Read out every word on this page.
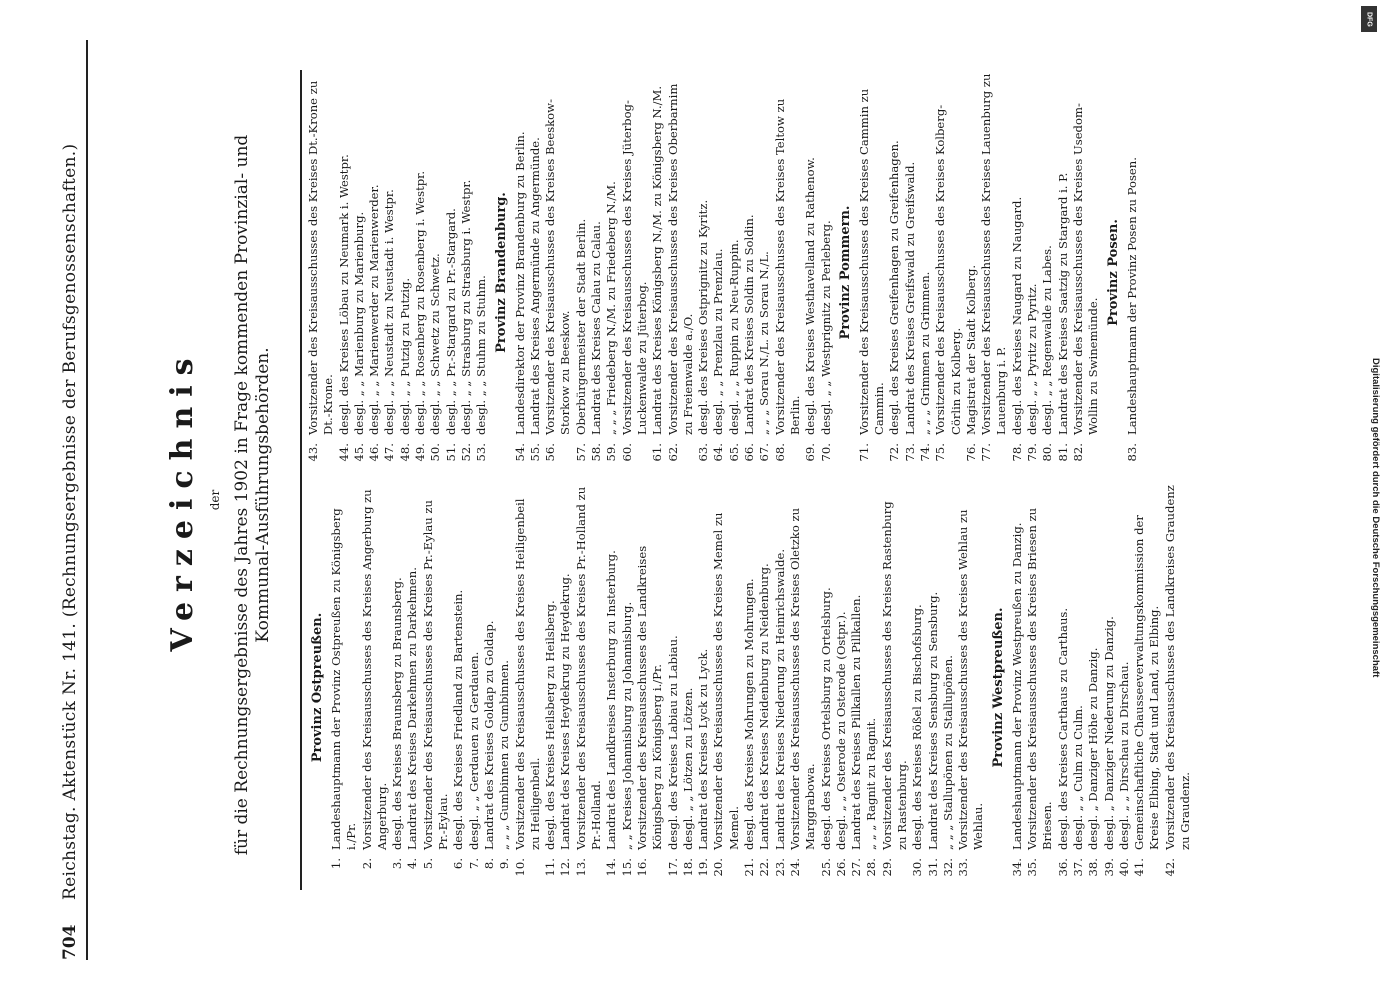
704
Reichstag. Aktenstück Nr. 141. (Rechnungsergebnisse der Berufsgenossenschaften.)	Verzeichnis der für die Rechnungsergebnisse des Jahres 1902 in Frage kommenden Provinzial- und Kommunal-Ausführungsbehörden.
Provinz Ostpreußen.
1.
Landeshauptmann der Provinz Ostpreußen zu Königsberg i./Pr.
2.
Vorsitzender des Kreisausschusses des Kreises Angerburg zu Angerburg.
3.
desgl. des Kreises Braunsberg zu Braunsberg.
4.
Landrat des Kreises Darkehmen zu Darkehmen.
5.
Vorsitzender des Kreisausschusses des Kreises Pr.-Eylau zu Pr.-Eylau.
6.
desgl. des Kreises Friedland zu Bartenstein.
7.
desgl. „ „ Gerdauen zu Gerdauen.
8.
Landrat des Kreises Goldap zu Goldap.
9.
„ „ „ Gumbinnen zu Gumbinnen.
10.
Vorsitzender des Kreisausschusses des Kreises Heiligenbeil zu Heiligenbeil.
11.
desgl. des Kreises Heilsberg zu Heilsberg.
12.
Landrat des Kreises Heydekrug zu Heydekrug.
13.
Vorsitzender des Kreisausschusses des Kreises Pr.-Holland zu Pr.-Holland.
14.
Landrat des Landkreises Insterburg zu Insterburg.
15.
„ „ Kreises Johannisburg zu Johannisburg.
16.
Vorsitzender des Kreisausschusses des Landkreises Königsberg zu Königsberg i./Pr.
17.
desgl. des Kreises Labiau zu Labiau.
18.
desgl. „ „ Lötzen zu Lötzen.
19.
Landrat des Kreises Lyck zu Lyck.
20.
Vorsitzender des Kreisausschusses des Kreises Memel zu Memel.
21.
desgl. des Kreises Mohrungen zu Mohrungen.
22.
Landrat des Kreises Neidenburg zu Neidenburg.
23.
Landrat des Kreises Niederung zu Heinrichswalde.
24.
Vorsitzender des Kreisausschusses des Kreises Oletzko zu Marggrabowa.
25.
desgl. des Kreises Ortelsburg zu Ortelsburg.
26.
desgl. „ „ Osterode zu Osterode (Ostpr.).
27.
Landrat des Kreises Pillkallen zu Pillkallen.
28.
„ „ „ Ragnit zu Ragnit.
29.
Vorsitzender des Kreisausschusses des Kreises Rastenburg zu Rastenburg.
30.
desgl. des Kreises Rößel zu Bischofsburg.
31.
Landrat des Kreises Sensburg zu Sensburg.
32.
„ „ „ Stallupönen zu Stallupönen.
33.
Vorsitzender des Kreisausschusses des Kreises Wehlau zu Wehlau.
Provinz Westpreußen.
34.
Landeshauptmann der Provinz Westpreußen zu Danzig.
35.
Vorsitzender des Kreisausschusses des Kreises Briesen zu Briesen.
36.
desgl. des Kreises Carthaus zu Carthaus.
37.
desgl. „ „ Culm zu Culm.
38.
desgl. „ Danziger Höhe zu Danzig.
39.
desgl. „ Danziger Niederung zu Danzig.
40.
desgl. „ „ Dirschau zu Dirschau.
41.
Gemeinschaftliche Chausseeverwaltungskommission der Kreise Elbing, Stadt und Land, zu Elbing.
42.
Vorsitzender des Kreisausschusses des Landkreises Graudenz zu Graudenz.
43.
Vorsitzender des Kreisausschusses des Kreises Dt.-Krone zu Dt.-Krone.
44.
desgl. des Kreises Löbau zu Neumark i. Westpr.
45.
desgl. „ „ Marienburg zu Marienburg.
46.
desgl. „ „ Marienwerder zu Marienwerder.
47.
desgl. „ „ Neustadt zu Neustadt i. Westpr.
48.
desgl. „ „ Putzig zu Putzig.
49.
desgl. „ „ Rosenberg zu Rosenberg i. Westpr.
50.
desgl. „ „ Schwetz zu Schwetz.
51.
desgl. „ „ Pr.-Stargard zu Pr.-Stargard.
52.
desgl. „ „ Strasburg zu Strasburg i. Westpr.
53.
desgl. „ „ Stuhm zu Stuhm.
Provinz Brandenburg.
54.
Landesdirektor der Provinz Brandenburg zu Berlin.
55.
Landrat des Kreises Angermünde zu Angermünde.
56.
Vorsitzender des Kreisausschusses des Kreises Beeskow-Storkow zu Beeskow.
57.
Oberbürgermeister der Stadt Berlin.
58.
Landrat des Kreises Calau zu Calau.
59.
„ „ „ Friedeberg N./M. zu Friedeberg N./M.
60.
Vorsitzender des Kreisausschusses des Kreises Jüterbog-Luckenwalde zu Jüterbog.
61.
Landrat des Kreises Königsberg N./M. zu Königsberg N./M.
62.
Vorsitzender des Kreisausschusses des Kreises Oberbarnim zu Freienwalde a./O.
63.
desgl. des Kreises Ostprignitz zu Kyritz.
64.
desgl. „ „ Prenzlau zu Prenzlau.
65.
desgl. „ „ Ruppin zu Neu-Ruppin.
66.
Landrat des Kreises Soldin zu Soldin.
67.
„ „ „ Sorau N./L. zu Sorau N./L.
68.
Vorsitzender des Kreisausschusses des Kreises Teltow zu Berlin.
69.
desgl. des Kreises Westhavelland zu Rathenow.
70.
desgl. „ „ Westprignitz zu Perleberg. Provinz Pommern.
71.
Vorsitzender des Kreisausschusses des Kreises Cammin zu Cammin.
72.
desgl. des Kreises Greifenhagen zu Greifenhagen.
73.
Landrat des Kreises Greifswald zu Greifswald.
74.
„ „ „ Grimmen zu Grimmen.
75.
Vorsitzender des Kreisausschusses des Kreises Kolberg-Cörlin zu Kolberg.
76.
Magistrat der Stadt Kolberg.
77.
Vorsitzender des Kreisausschusses des Kreises Lauenburg zu Lauenburg i. P.
78.
desgl. des Kreises Naugard zu Naugard.
79.
desgl. „ „ Pyritz zu Pyritz.
80.
desgl. „ „ Regenwalde zu Labes.
81.
Landrat des Kreises Saatzig zu Stargard i. P.
82.
Vorsitzender des Kreisausschusses des Kreises Usedom-Wollin zu Swinemünde.
Provinz Posen.
83.
Landeshauptmann der Provinz Posen zu Posen.
DFG
Digitalisierung gefördert durch die Deutsche Forschungsgemeinschaft
